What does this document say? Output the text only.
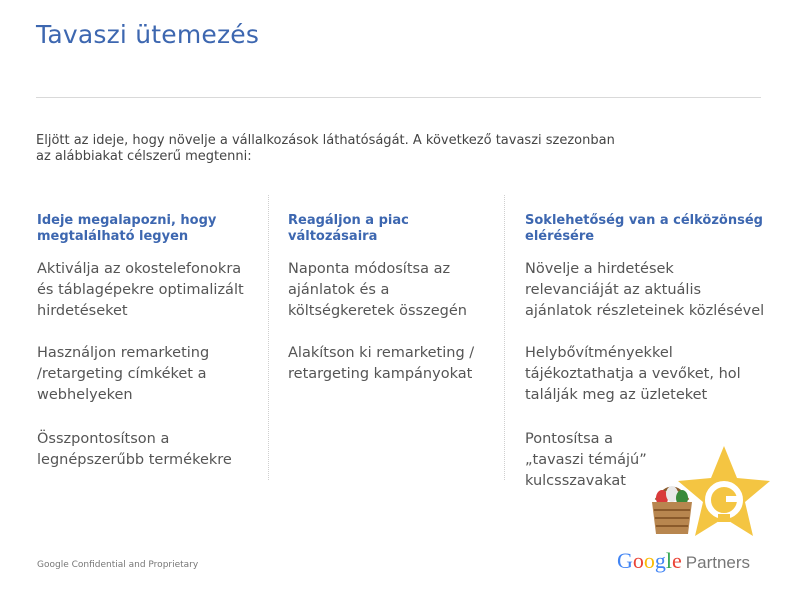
Tavaszi ütemezés
Eljött az ideje, hogy növelje a vállalkozások láthatóságát. A következő tavaszi szezonban az alábbiakat célszerű megtenni:

Ideje megalapozni, hogy megtalálható legyen

Aktiválja az okostelefonokra és táblagépekre optimalizált hirdetéseket

Használjon remarketing /retargeting címkéket a webhelyeken

Összpontosítson a legnépszerűbb termékekre

Reagáljon a piac változásaira

Naponta módosítsa az ajánlatok és a költségkeretek összegén

Alakítson ki remarketing / retargeting kampányokat

Soklehetőség van a célközönség elérésére

Növelje a hirdetések relevanciáját az aktuális ajánlatok részleteinek közlésével

Helybővítményekkel tájékoztathatja a vevőket, hol találják meg az üzleteket

Pontosítsa a „tavaszi témájú” kulcsszavakat

Google Confidential and Proprietary	Google Partners
